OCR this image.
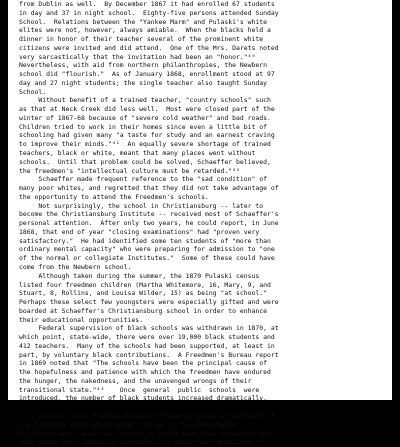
from Dublin as well.  By December 1867 it had enrolled 67 students
in day and 37 in night school.  Eighty-five persons attended Sunday
School.  Relations between the "Yankee Marm" and Pulaski's white
elites were not, however, always amiable.  When the blacks held a
dinner in honor of their teacher several of the prominent white
citizens were invited and did attend.  One of the Mrs. Darets noted
very sarcastically that the invitation had been an "honor."⁴⁰
Nevertheless, with aid from northern philanthropies, the Newbern
school did "flourish."  As of January 1868, enrollment stood at 97
day and 27 night students; the single teacher also taught Sunday
School.
Without benefit of a trained teacher, "country schools" such
as that at Neck Creek did less well.  Most were closed part of the
winter of 1867-68 because of "severe cold weather" and bad roads.
Children tried to work in their homes since even a little bit of
schooling had given many "a taste for study and an earnest craving
to improve their minds."⁴¹  An equally severe shortage of trained
teachers, black or white, meant that many places went without
schools.  Until that problem could be solved, Schaeffer believed,
the freedmen's "intellectual culture must be retarded."⁴²
Schaeffer made frequent reference to the "sad condition" of
many poor whites, and regretted that they did not take advantage of
the opportunity to attend the Freedmen's schools.
Not surprisingly, the school in Christiansburg -- later to
become the Christiansburg Institute -- received most of Schaeffer's
personal attention.  After only two years, he could report, in June
1868, that end of year "closing examinations" had "proven very
satisfactory."  He had identified some ten students of "more than
ordinary mental capacity" who were preparing for admission to "one
of the normal or collegiate Institutes."  Some of these could have
come from the Newbern school.
Although taken during the summer, the 1870 Pulaski census
listed four freedmen children (Martha Whitemore, 16, Mary, 9, and
Stuart, 8, Rollins, and Louisa Wilder, 15) as being "at school."
Perhaps these select few youngsters were especially gifted and were
boarded at Schaeffer's Christiansburg school in order to enhance
their educational opportunities.
Federal supervision of black schools was withdrawn in 1870, at
which point, state-wide, there were over 19,000 black students and
412 teachers.  Many of the schools had been supported, at least in
part, by voluntary black contributions.  A Freedmen's Bureau report
in 1869 noted that "The schools have been the principal cause of
the hopefulness and patience with which the freedmen have endured
the hunger, the nakedness, and the unavenged wrongs of their
transitional state."⁴³    Once  general  public  schools  were
introduced, the number of black students increased dramatically.
Overall, John Preston McConnell found Virginia's treatment of
the freedmen immediately after the war to be commendable.
Relations were "about as cordial as could have been expected" and
both races were "adapting themselves to their new conditions."
